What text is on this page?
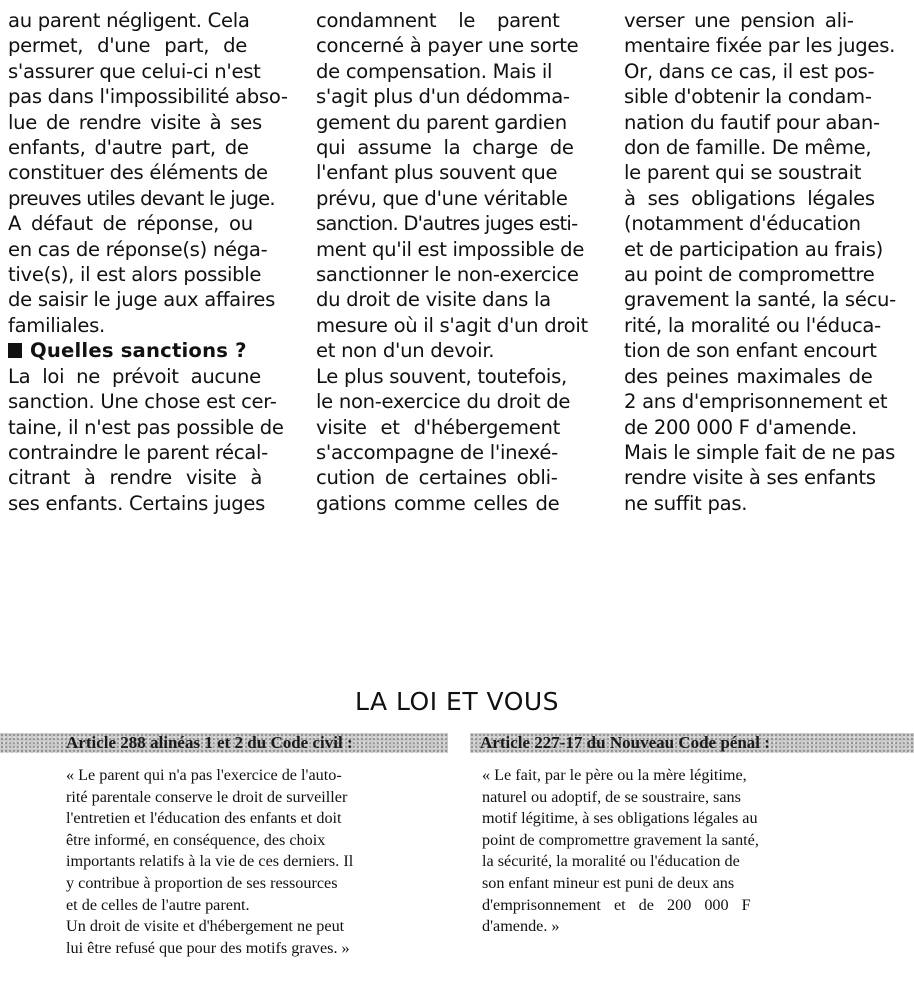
au parent négligent. Cela

permet, d'une part, de

s'assurer que celui-ci n'est

pas dans l'impossibilité abso-

lue de rendre visite à ses

enfants, d'autre part, de

constituer des éléments de

preuves utiles devant le juge.

A défaut de réponse, ou

en cas de réponse(s) néga-

tive(s), il est alors possible

de saisir le juge aux affaires

familiales.

Quelles sanctions ?

La loi ne prévoit aucune

sanction. Une chose est cer-

taine, il n'est pas possible de

contraindre le parent récal-

citrant à rendre visite à

ses enfants. Certains juges

condamnent le parent

concerné à payer une sorte

de compensation. Mais il

s'agit plus d'un dédomma-

gement du parent gardien

qui assume la charge de

l'enfant plus souvent que

prévu, que d'une véritable

sanction. D'autres juges esti-

ment qu'il est impossible de

sanctionner le non-exercice

du droit de visite dans la

mesure où il s'agit d'un droit

et non d'un devoir.

Le plus souvent, toutefois,

le non-exercice du droit de

visite et d'hébergement

s'accompagne de l'inexé-

cution de certaines obli-

gations comme celles de

verser une pension ali-

mentaire fixée par les juges.

Or, dans ce cas, il est pos-

sible d'obtenir la condam-

nation du fautif pour aban-

don de famille. De même,

le parent qui se soustrait

à ses obligations légales

(notamment d'éducation

et de participation au frais)

au point de compromettre

gravement la santé, la sécu-

rité, la moralité ou l'éduca-

tion de son enfant encourt

des peines maximales de

2 ans d'emprisonnement et

de 200 000 F d'amende.

Mais le simple fait de ne pas

rendre visite à ses enfants

ne suffit pas.

LA LOI ET VOUS
Article 288 alinéas 1 et 2 du Code civil :	Article 227-17 du Nouveau Code pénal :

« Le parent qui n'a pas l'exercice de l'auto-

rité parentale conserve le droit de surveiller

l'entretien et l'éducation des enfants et doit

être informé, en conséquence, des choix

importants relatifs à la vie de ces derniers. Il

y contribue à proportion de ses ressources

et de celles de l'autre parent.

Un droit de visite et d'hébergement ne peut

lui être refusé que pour des motifs graves. »

« Le fait, par le père ou la mère légitime,

naturel ou adoptif, de se soustraire, sans

motif légitime, à ses obligations légales au

point de compromettre gravement la santé,

la sécurité, la moralité ou l'éducation de

son enfant mineur est puni de deux ans

d'emprisonnement et de 200 000 F

d'amende. »
